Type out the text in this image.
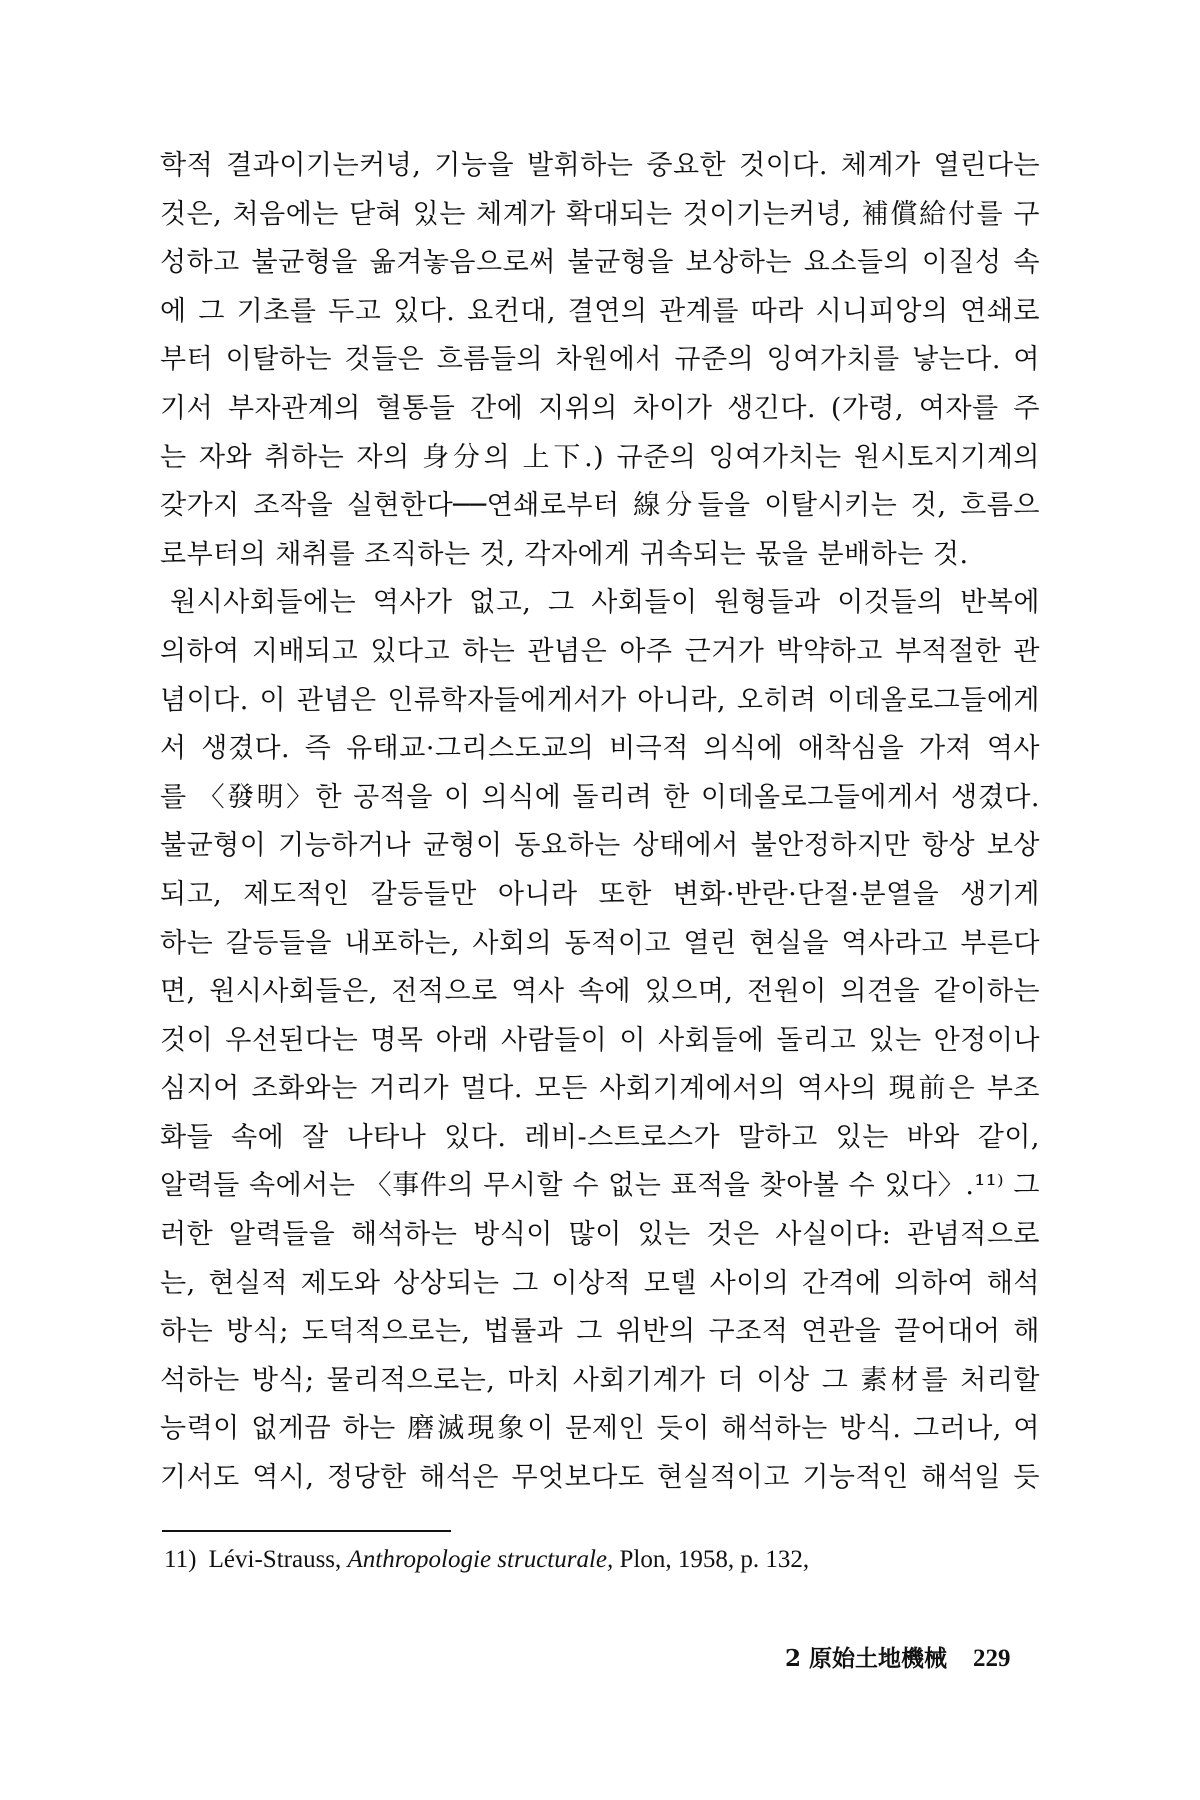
학적 결과이기는커녕, 기능을 발휘하는 중요한 것이다. 체계가 열린다는
것은, 처음에는 닫혀 있는 체계가 확대되는 것이기는커녕, 補償給付를 구
성하고 불균형을 옮겨놓음으로써 불균형을 보상하는 요소들의 이질성 속
에 그 기초를 두고 있다. 요컨대, 결연의 관계를 따라 시니피앙의 연쇄로
부터 이탈하는 것들은 흐름들의 차원에서 규준의 잉여가치를 낳는다. 여
기서 부자관계의 혈통들 간에 지위의 차이가 생긴다. (가령, 여자를 주
는 자와 취하는 자의 身分의 上下.) 규준의 잉여가치는 원시토지기계의
갖가지 조작을 실현한다──연쇄로부터 線分들을 이탈시키는 것, 흐름으
로부터의 채취를 조직하는 것, 각자에게 귀속되는 몫을 분배하는 것.
원시사회들에는 역사가 없고, 그 사회들이 원형들과 이것들의 반복에
의하여 지배되고 있다고 하는 관념은 아주 근거가 박약하고 부적절한 관
념이다. 이 관념은 인류학자들에게서가 아니라, 오히려 이데올로그들에게
서 생겼다. 즉 유태교·그리스도교의 비극적 의식에 애착심을 가져 역사
를 〈發明〉한 공적을 이 의식에 돌리려 한 이데올로그들에게서 생겼다.
불균형이 기능하거나 균형이 동요하는 상태에서 불안정하지만 항상 보상
되고, 제도적인 갈등들만 아니라 또한 변화·반란·단절·분열을 생기게
하는 갈등들을 내포하는, 사회의 동적이고 열린 현실을 역사라고 부른다
면, 원시사회들은, 전적으로 역사 속에 있으며, 전원이 의견을 같이하는
것이 우선된다는 명목 아래 사람들이 이 사회들에 돌리고 있는 안정이나
심지어 조화와는 거리가 멀다. 모든 사회기계에서의 역사의 現前은 부조
화들 속에 잘 나타나 있다. 레비-스트로스가 말하고 있는 바와 같이,
알력들 속에서는 〈事件의 무시할 수 없는 표적을 찾아볼 수 있다〉.¹¹⁾ 그
러한 알력들을 해석하는 방식이 많이 있는 것은 사실이다: 관념적으로
는, 현실적 제도와 상상되는 그 이상적 모델 사이의 간격에 의하여 해석
하는 방식; 도덕적으로는, 법률과 그 위반의 구조적 연관을 끌어대어 해
석하는 방식; 물리적으로는, 마치 사회기계가 더 이상 그 素材를 처리할
능력이 없게끔 하는 磨滅現象이 문제인 듯이 해석하는 방식. 그러나, 여
기서도 역시, 정당한 해석은 무엇보다도 현실적이고 기능적인 해석일 듯
11) Lévi-Strauss, Anthropologie structurale, Plon, 1958, p. 132,
2 原始土地機械 229
